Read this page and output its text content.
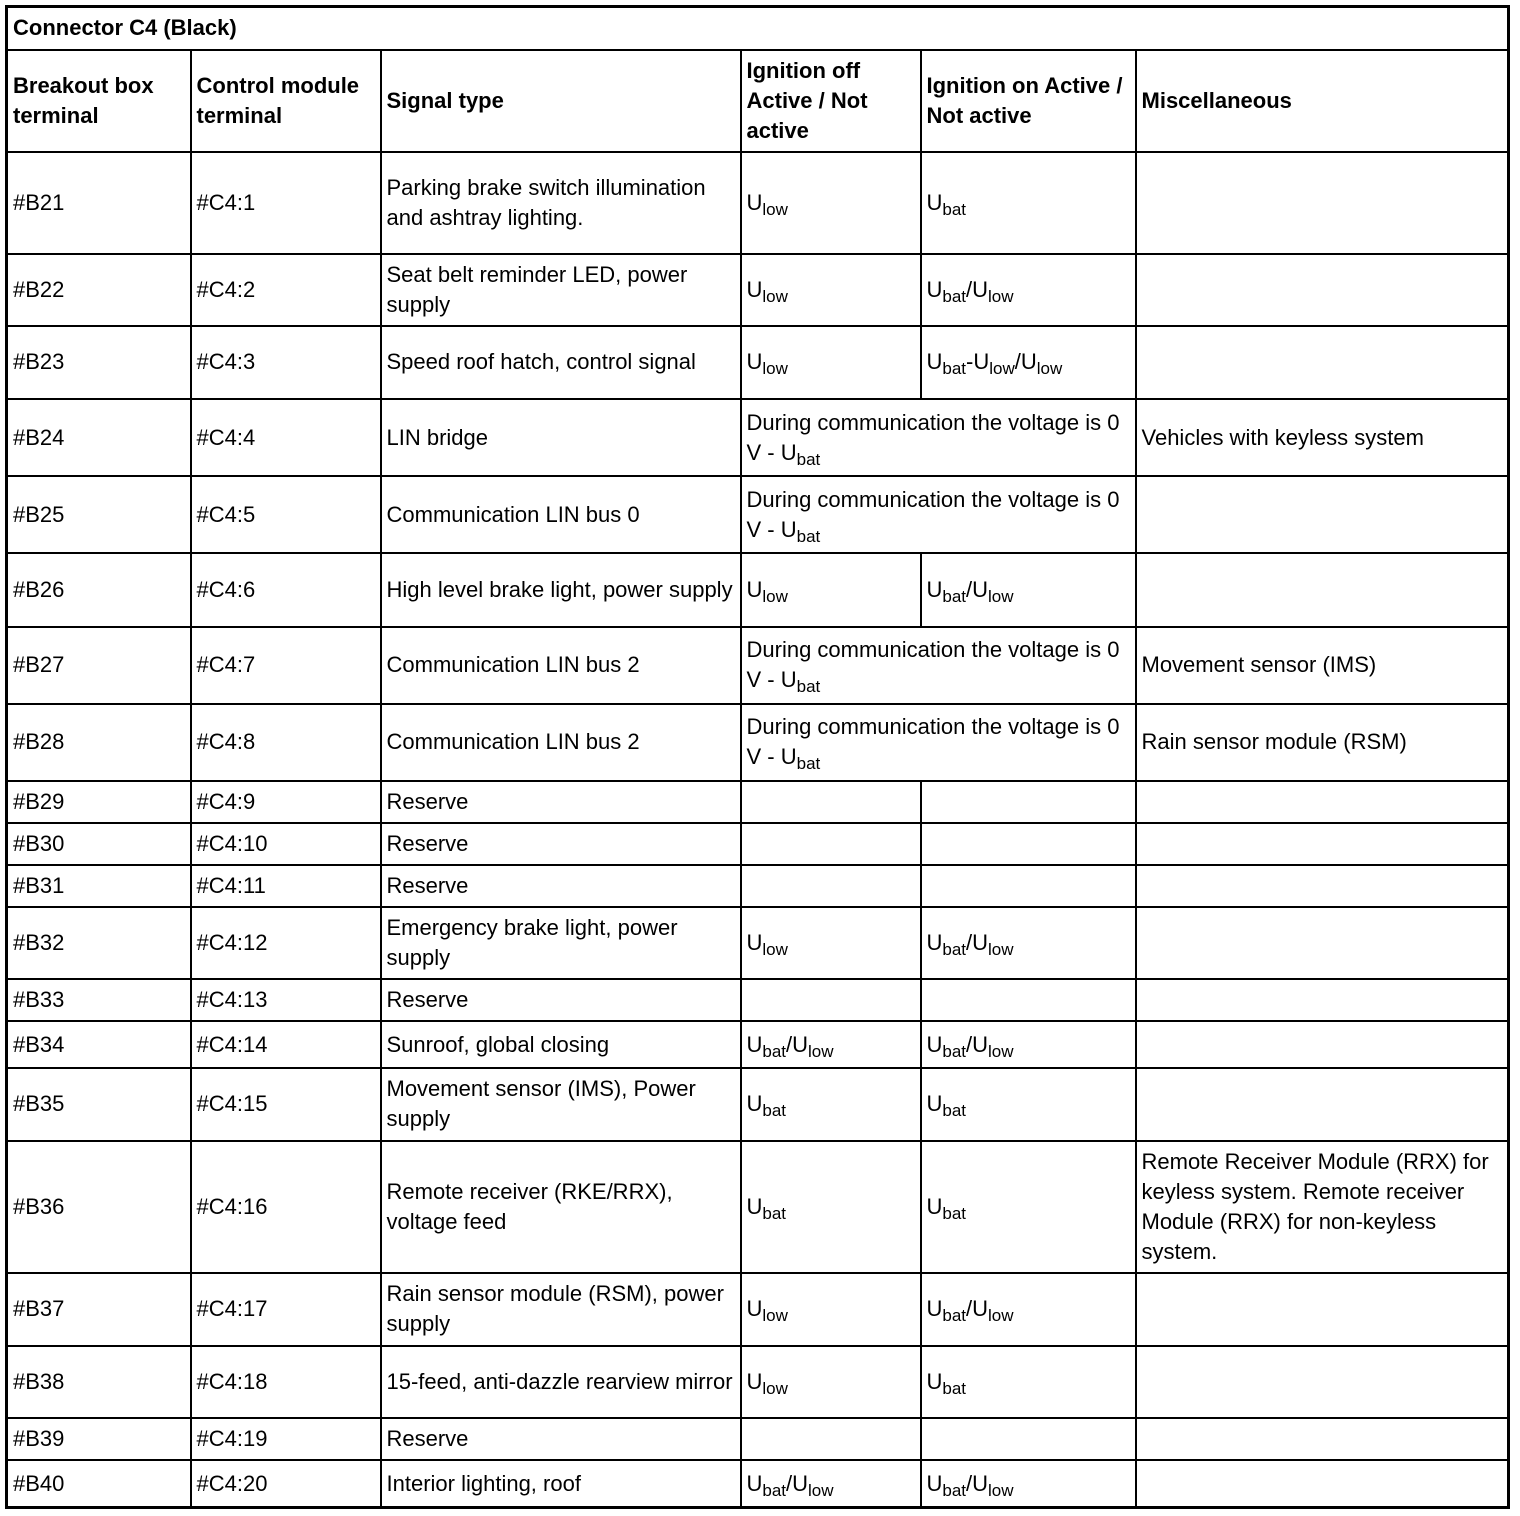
Connector C4 (Black)					
Breakout box terminal	Control module terminal	Signal type	Ignition off Active / Not active	Ignition on Active / Not active	Miscellaneous
#B21	#C4:1	Parking brake switch illumination and ashtray lighting.	$U_{low}$	$U_{bat}$	
#B22	#C4:2	Seat belt reminder LED, power supply	$U_{low}$	$U_{bat}/U_{low}$	
#B23	#C4:3	Speed roof hatch, control signal	$U_{low}$	$U_{bat}-U_{low}/U_{low}$	
#B24	#C4:4	LIN bridge	During communication the voltage is 0 V - $U_{bat}$		Vehicles with keyless system
#B25	#C4:5	Communication LIN bus 0	During communication the voltage is 0 V - $U_{bat}$	
#B26	#C4:6	High level brake light, power supply	$U_{low}$	$U_{bat}/U_{low}$	
#B27	#C4:7	Communication LIN bus 2	During communication the voltage is 0 V - $U_{bat}$		Movement sensor (IMS)
#B28	#C4:8	Communication LIN bus 2	During communication the voltage is 0 V - $U_{bat}$		Rain sensor module (RSM)
#B29	#C4:9	Reserve			
#B30	#C4:10	Reserve			
#B31	#C4:11	Reserve			
#B32	#C4:12	Emergency brake light, power supply	$U_{low}$	$U_{bat}/U_{low}$	
#B33	#C4:13	Reserve			
#B34	#C4:14	Sunroof, global closing	$U_{bat}/U_{low}$	$U_{bat}/U_{low}$	
#B35	#C4:15	Movement sensor (IMS), Power supply	$U_{bat}$	$U_{bat}$	
#B36	#C4:16	Remote receiver (RKE/RRX), voltage feed	$U_{bat}$	$U_{bat}$	Remote Receiver Module (RRX) for keyless system. Remote receiver Module (RRX) for non-keyless system.
#B37	#C4:17	Rain sensor module (RSM), power supply	$U_{low}$	$U_{bat}/U_{low}$	
#B38	#C4:18	15-feed, anti-dazzle rearview mirror	$U_{low}$	$U_{bat}$	
#B39	#C4:19	Reserve			
#B40	#C4:20	Interior lighting, roof	$U_{bat}/U_{low}$	$U_{bat}/U_{low}$	
